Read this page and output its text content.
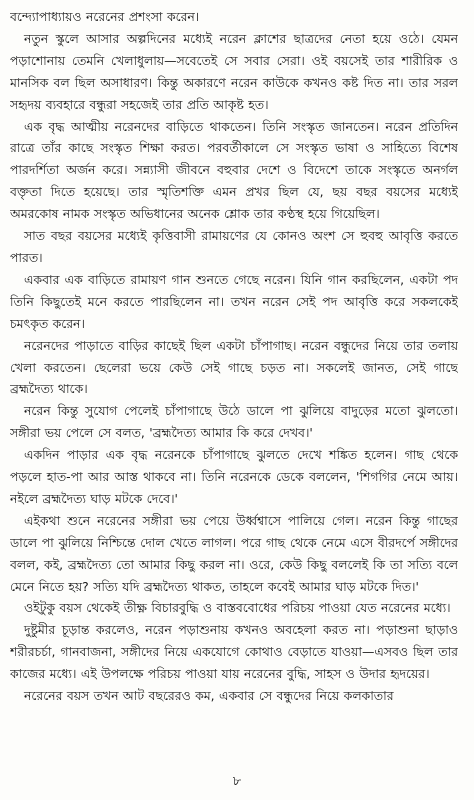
বন্দ্যোপাধ্যায়ও নরেনের প্রশংসা করেন।

নতুন স্কুলে আসার অল্পদিনের মধ্যেই নরেন ক্লাশের ছাত্রদের নেতা হয়ে ওঠে। যেমন পড়াশোনায় তেমনি খেলাধুলায়—সবেতেই সে সবার সেরা। ওই বয়সেই তার শারীরিক ও মানসিক বল ছিল অসাধারণ। কিন্তু অকারণে নরেন কাউকে কখনও কষ্ট দিত না। তার সরল সহৃদয় ব্যবহারে বন্ধুরা সহজেই তার প্রতি আকৃষ্ট হত।

এক বৃদ্ধ আত্মীয় নরেনদের বাড়িতে থাকতেন। তিনি সংস্কৃত জানতেন। নরেন প্রতিদিন রাত্রে তাঁর কাছে সংস্কৃত শিক্ষা করত। পরবর্তীকালে সে সংস্কৃত ভাষা ও সাহিত্যে বিশেষ পারদর্শিতা অর্জন করে। সন্ন্যাসী জীবনে বহুবার দেশে ও বিদেশে তাকে সংস্কৃতে অনর্গল বক্তৃতা দিতে হয়েছে। তার স্মৃতিশক্তি এমন প্রখর ছিল যে, ছয় বছর বয়সের মধ্যেই অমরকোষ নামক সংস্কৃত অভিধানের অনেক শ্লোক তার কণ্ঠস্থ হয়ে গিয়েছিল।

সাত বছর বয়সের মধ্যেই কৃত্তিবাসী রামায়ণের যে কোনও অংশ সে হুবহু আবৃত্তি করতে পারত।

একবার এক বাড়িতে রামায়ণ গান শুনতে গেছে নরেন। যিনি গান করছিলেন, একটা পদ তিনি কিছুতেই মনে করতে পারছিলেন না। তখন নরেন সেই পদ আবৃত্তি করে সকলকেই চমৎকৃত করেন।

নরেনদের পাড়াতে বাড়ির কাছেই ছিল একটা চাঁপাগাছ। নরেন বন্ধুদের নিয়ে তার তলায় খেলা করতেন। ছেলেরা ভয়ে কেউ সেই গাছে চড়ত না। সকলেই জানত, সেই গাছে ব্রহ্মদৈত্য থাকে।

নরেন কিন্তু সুযোগ পেলেই চাঁপাগাছে উঠে ডালে পা ঝুলিয়ে বাদুড়ের মতো ঝুলতো। সঙ্গীরা ভয় পেলে সে বলত, 'ব্রহ্মদৈত্য আমার কি করে দেখব।'

একদিন পাড়ার এক বৃদ্ধ নরেনকে চাঁপাগাছে ঝুলতে দেখে শঙ্কিত হলেন। গাছ থেকে পড়লে হাত-পা আর আস্ত থাকবে না। তিনি নরেনকে ডেকে বললেন, 'শিগগির নেমে আয়। নইলে ব্রহ্মদৈত্য ঘাড় মটকে দেবে।'

এইকথা শুনে নরেনের সঙ্গীরা ভয় পেয়ে উর্ধ্বশ্বাসে পালিয়ে গেল। নরেন কিন্তু গাছের ডালে পা ঝুলিয়ে নিশ্চিন্তে দোল খেতে লাগল। পরে গাছ থেকে নেমে এসে বীরদর্পে সঙ্গীদের বলল, কই, ব্রহ্মদৈত্য তো আমার কিছু করল না। ওরে, কেউ কিছু বললেই কি তা সত্যি বলে মেনে নিতে হয়? সত্যি যদি ব্রহ্মদৈত্য থাকত, তাহলে কবেই আমার ঘাড় মটকে দিত।'

ওইটুকু বয়স থেকেই তীক্ষ্ণ বিচারবুদ্ধি ও বাস্তববোধের পরিচয় পাওয়া যেত নরেনের মধ্যে।

দুষ্টুমীর চূড়ান্ত করলেও, নরেন পড়াশুনায় কখনও অবহেলা করত না। পড়াশুনা ছাড়াও শরীরচর্চা, গানবাজনা, সঙ্গীদের নিয়ে একযোগে কোথাও বেড়াতে যাওয়া—এসবও ছিল তার কাজের মধ্যে। এই উপলক্ষে পরিচয় পাওয়া যায় নরেনের বুদ্ধি, সাহস ও উদার হৃদয়ের।

নরেনের বয়স তখন আট বছরেরও কম, একবার সে বন্ধুদের নিয়ে কলকাতার

৮
